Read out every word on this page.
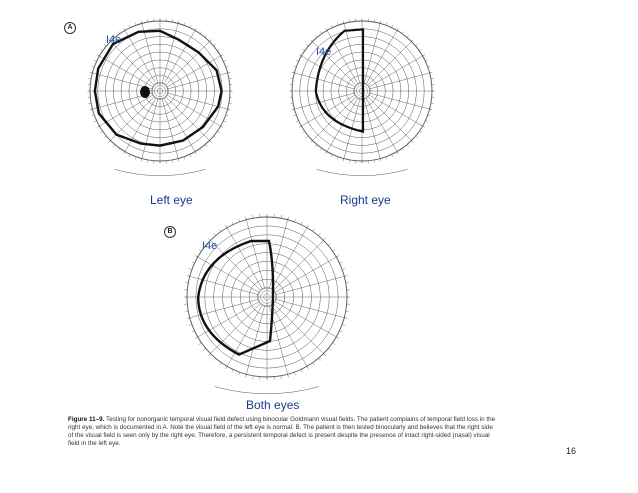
A
B
I4e
I4e
I4e
Left eye	Right eye
Both eyes
Figure 11–9. Testing for nonorganic temporal visual field defect using binocular Goldmann visual fields. The patient complains of temporal field loss in the right eye, which is documented in A. Note the visual field of the left eye is normal. B. The patient is then tested binocularly and believes that the right side of the visual field is seen only by the right eye. Therefore, a persistent temporal defect is present despite the presence of intact right-sided (nasal) visual field in the left eye.
16
